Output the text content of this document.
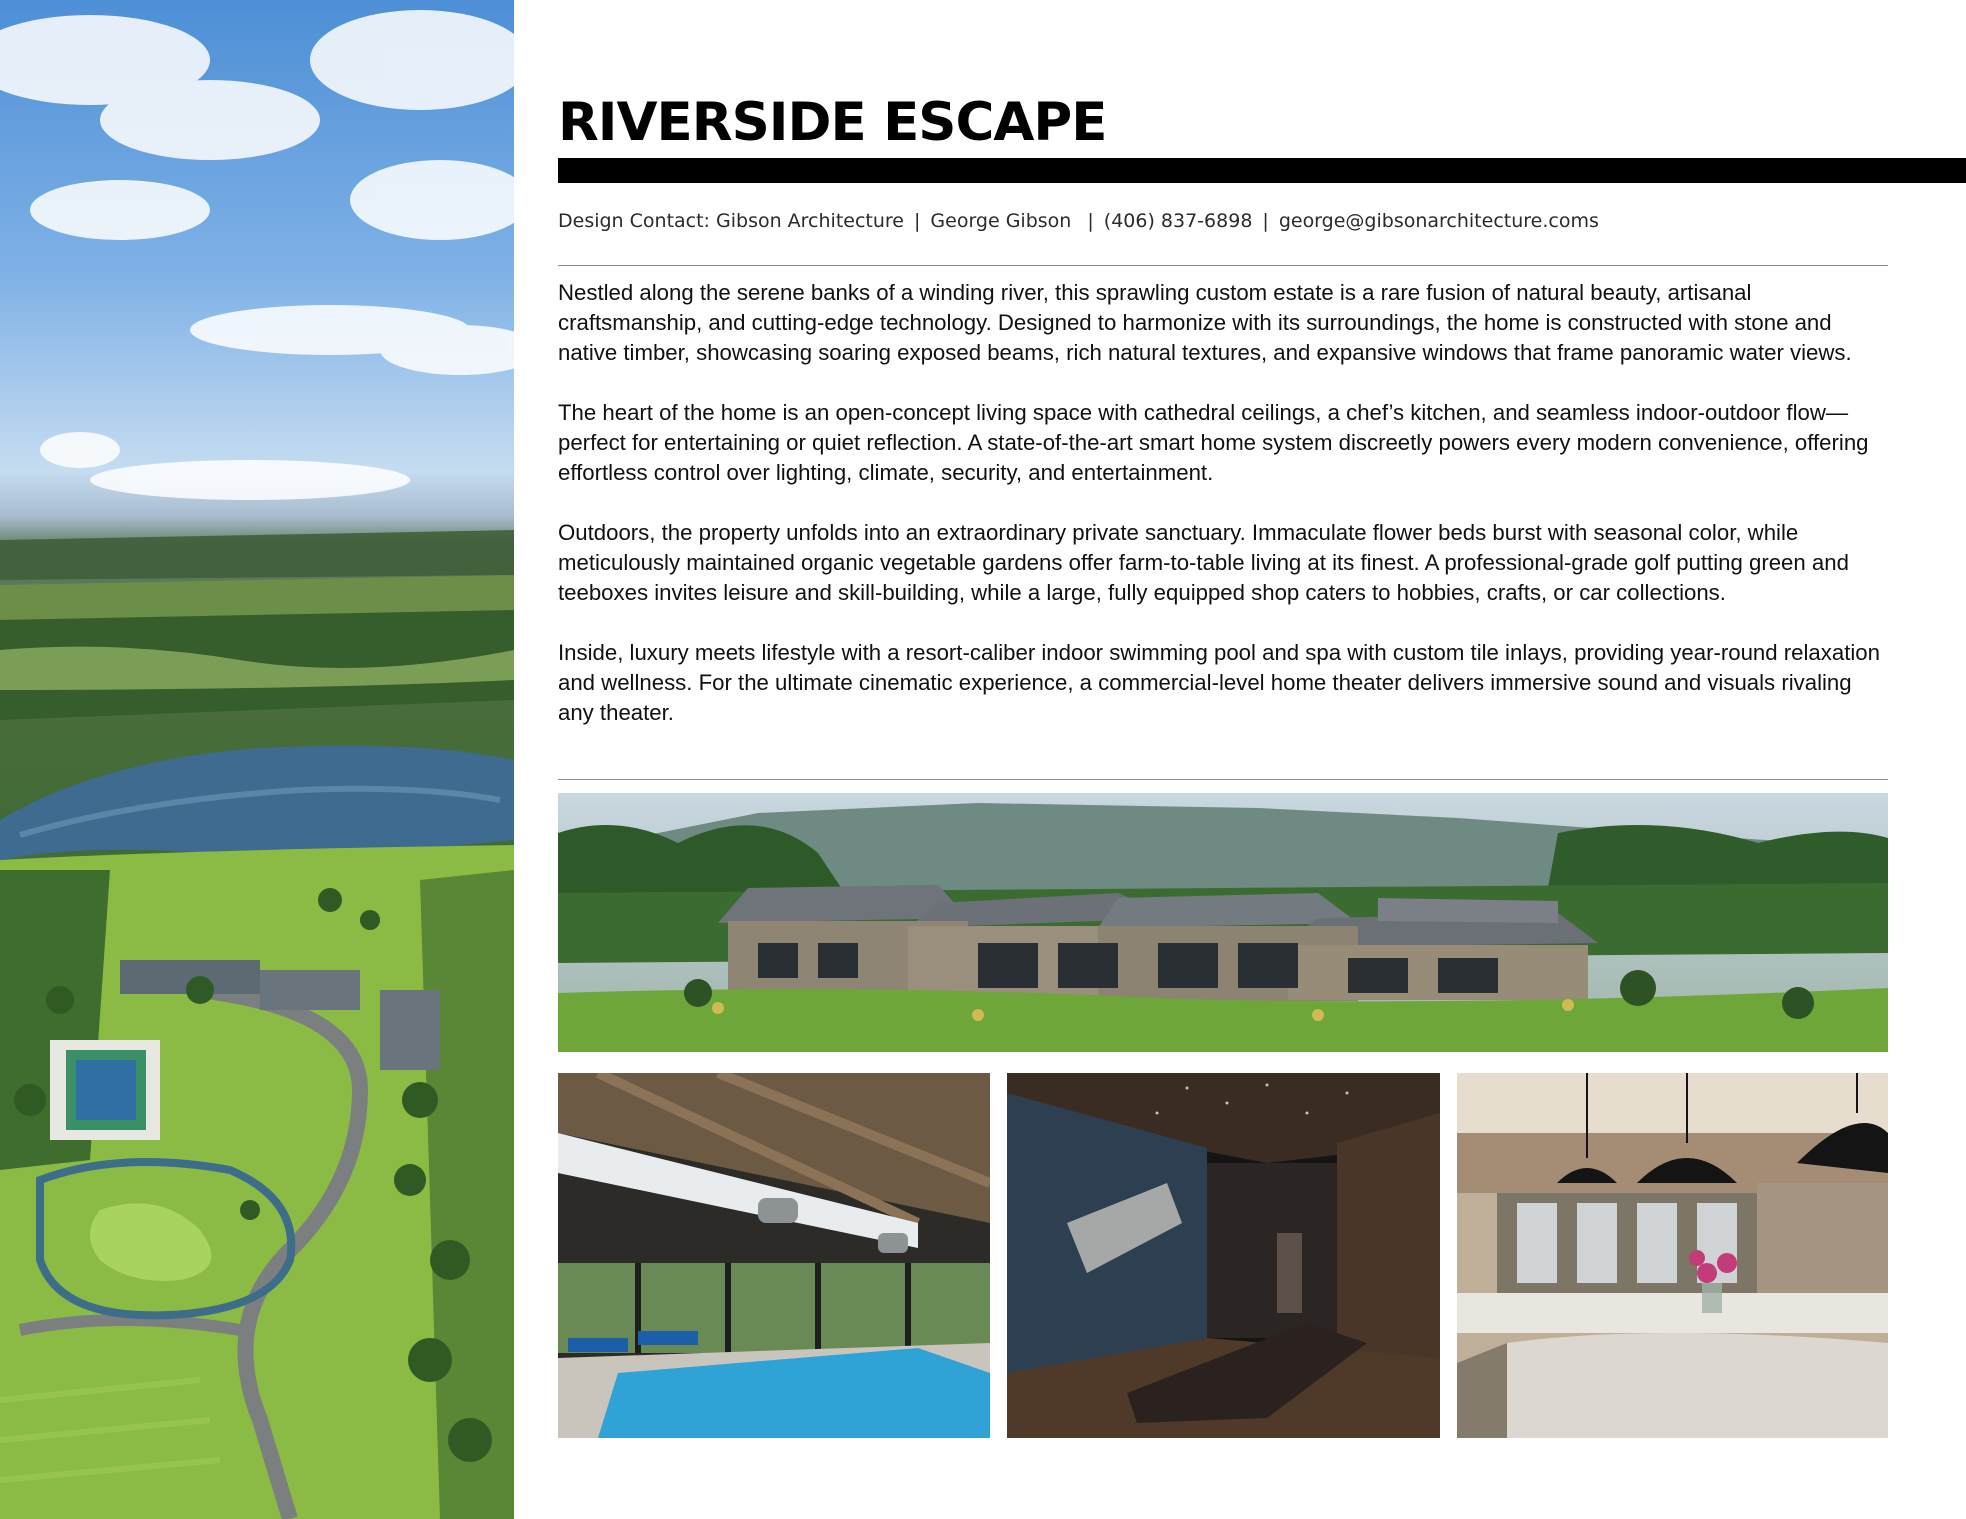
RIVERSIDE ESCAPE
Design Contact: Gibson Architecture | George Gibson | (406) 837-6898 | george@gibsonarchitecture.coms

Nestled along the serene banks of a winding river, this sprawling custom estate is a rare fusion of natural beauty, artisanal craftsmanship, and cutting-edge technology. Designed to harmonize with its surroundings, the home is constructed with stone and native timber, showcasing soaring exposed beams, rich natural textures, and expansive windows that frame panoramic water views.

The heart of the home is an open-concept living space with cathedral ceilings, a chef’s kitchen, and seamless indoor-outdoor flow—perfect for entertaining or quiet reflection. A state-of-the-art smart home system discreetly powers every modern convenience, offering effortless control over lighting, climate, security, and entertainment.

Outdoors, the property unfolds into an extraordinary private sanctuary. Immaculate flower beds burst with seasonal color, while meticulously maintained organic vegetable gardens offer farm-to-table living at its finest. A professional-grade golf putting green and teeboxes invites leisure and skill-building, while a large, fully equipped shop caters to hobbies, crafts, or car collections.

Inside, luxury meets lifestyle with a resort-caliber indoor swimming pool and spa with custom tile inlays, providing year-round relaxation and wellness. For the ultimate cinematic experience, a commercial-level home theater delivers immersive sound and visuals rivaling any theater.
